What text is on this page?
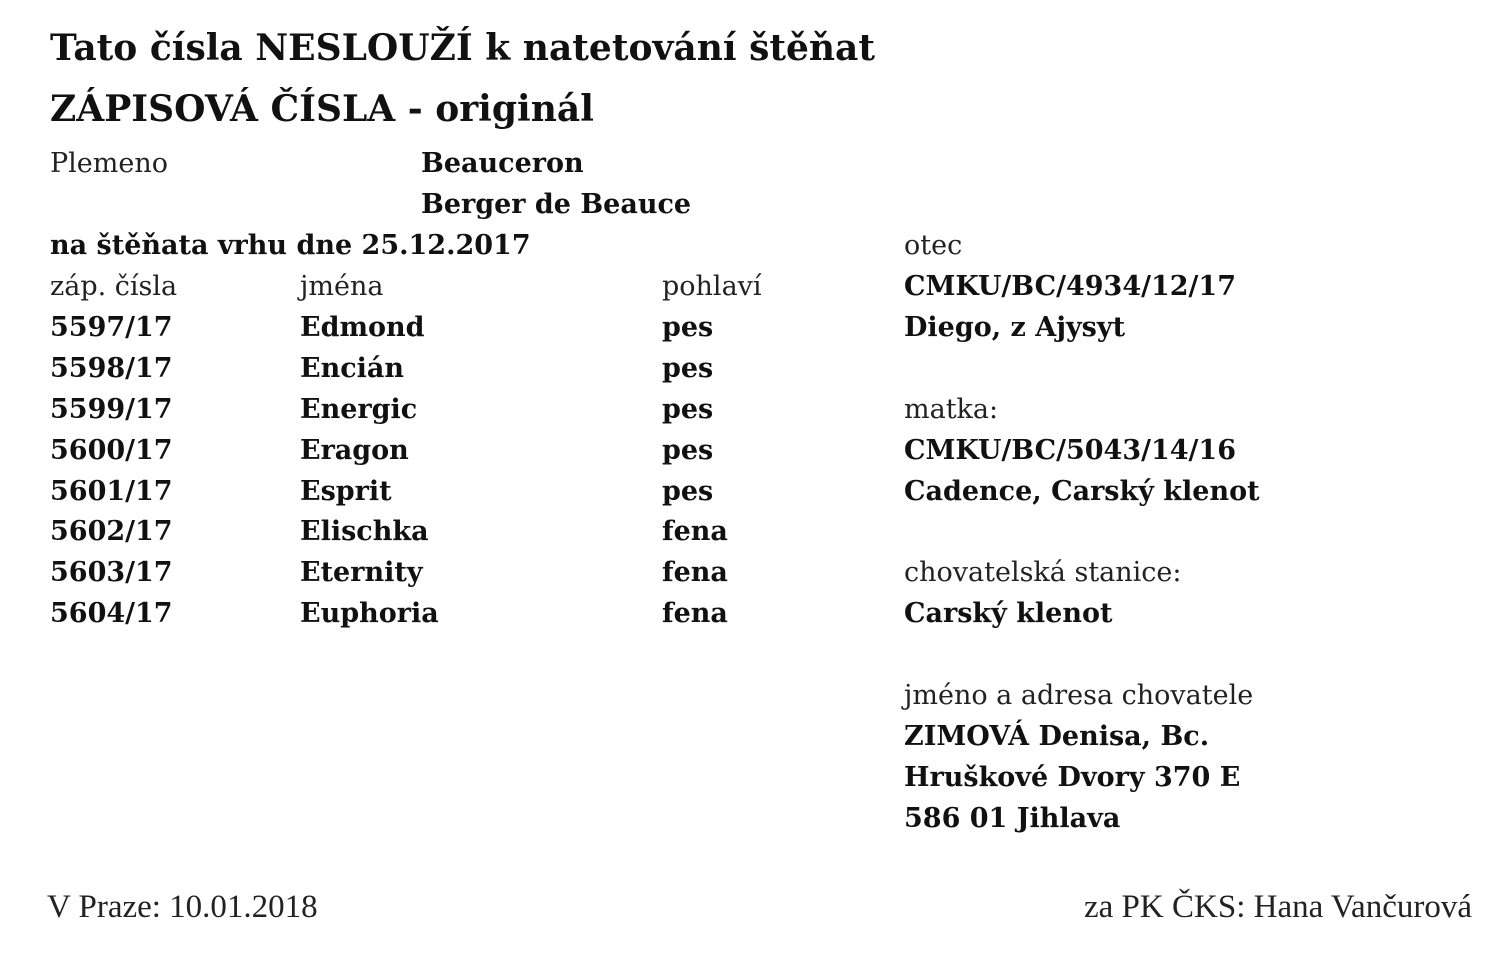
Tato čísla NESLOUŽÍ k natetování štěňat
ZÁPISOVÁ ČÍSLA - originál
Plemeno	Beauceron
Berger de Beauce
na štěňata vrhu dne 25.12.2017
záp. čísla	jména	pohlaví
5597/17	Edmond	pes
5598/17	Encián	pes
5599/17	Energic	pes
5600/17	Eragon	pes
5601/17	Esprit	pes
5602/17	Elischka	fena
5603/17	Eternity	fena
5604/17	Euphoria	fena
otec
CMKU/BC/4934/12/17
Diego, z Ajysyt
matka:
CMKU/BC/5043/14/16
Cadence, Carský klenot
chovatelská stanice:
Carský klenot
jméno a adresa chovatele
ZIMOVÁ Denisa, Bc.
Hruškové Dvory 370 E
586 01 Jihlava
V Praze: 10.01.2018	za PK ČKS: Hana Vančurová
